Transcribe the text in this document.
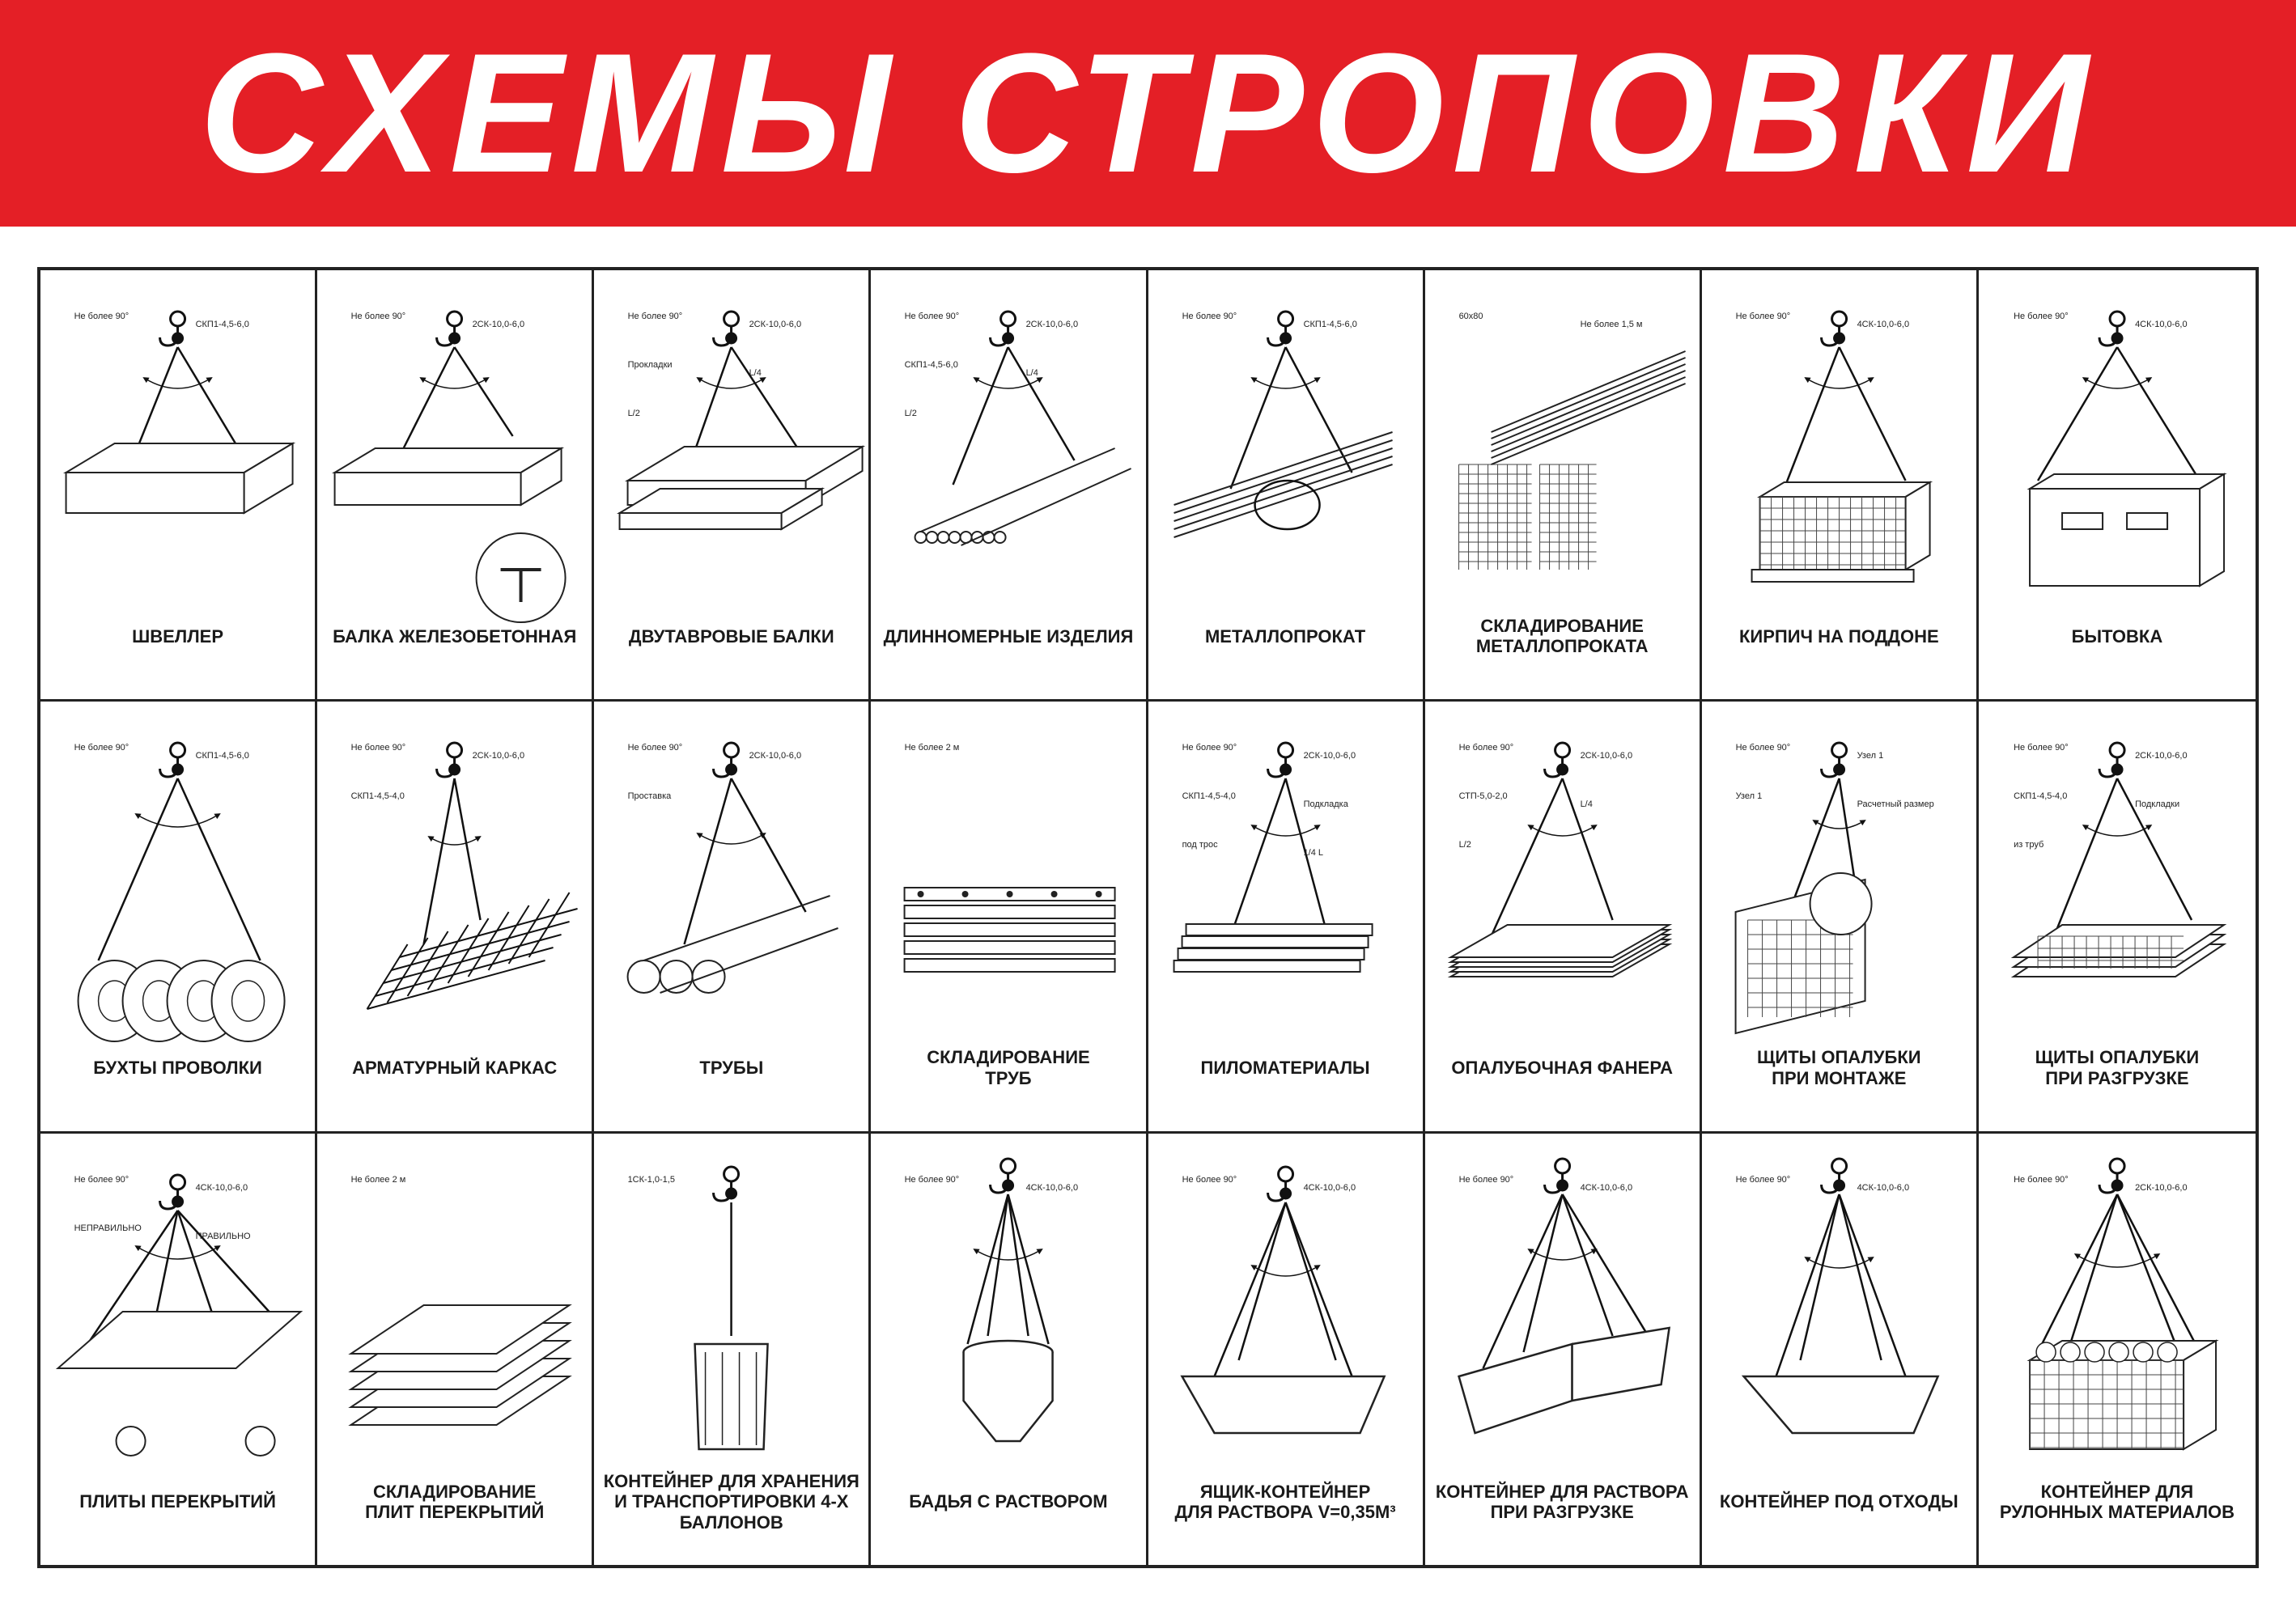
СХЕМЫ СТРОПОВКИ
Не более 90°
СКП1-4,5-6,0
ШВЕЛЛЕР
Не более 90°
2СК-10,0-6,0
БАЛКА ЖЕЛЕЗОБЕТОННАЯ
Не более 90°
2СК-10,0-6,0
Прокладки
L/4
L/2
ДВУТАВРОВЫЕ БАЛКИ
Не более 90°
2СК-10,0-6,0
СКП1-4,5-6,0
L/4
L/2
ДЛИННОМЕРНЫЕ ИЗДЕЛИЯ
Не более 90°
СКП1-4,5-6,0
МЕТАЛЛОПРОКАТ
60х80
Не более 1,5 м
СКЛАДИРОВАНИЕ
МЕТАЛЛОПРОКАТА
Не более 90°
4СК-10,0-6,0
КИРПИЧ НА ПОДДОНЕ
Не более 90°
4СК-10,0-6,0
БЫТОВКА
Не более 90°
СКП1-4,5-6,0
БУХТЫ ПРОВОЛКИ
Не более 90°
2СК-10,0-6,0
СКП1-4,5-4,0
АРМАТУРНЫЙ КАРКАС
Не более 90°
2СК-10,0-6,0
Проставка
ТРУБЫ
Не более 2 м
СКЛАДИРОВАНИЕ
ТРУБ
Не более 90°
2СК-10,0-6,0
СКП1-4,5-4,0
Подкладка
под трос
1/4 L
ПИЛОМАТЕРИАЛЫ
Не более 90°
2СК-10,0-6,0
СТП-5,0-2,0
L/4
L/2
ОПАЛУБОЧНАЯ ФАНЕРА
Не более 90°
Узел 1
Узел 1
Расчетный размер
ЩИТЫ ОПАЛУБКИ
ПРИ МОНТАЖЕ
Не более 90°
2СК-10,0-6,0
СКП1-4,5-4,0
Подкладки
из труб
ЩИТЫ ОПАЛУБКИ
ПРИ РАЗГРУЗКЕ
Не более 90°
4СК-10,0-6,0
НЕПРАВИЛЬНО
ПРАВИЛЬНО
ПЛИТЫ ПЕРЕКРЫТИЙ
Не более 2 м
СКЛАДИРОВАНИЕ
ПЛИТ ПЕРЕКРЫТИЙ
1СК-1,0-1,5
КОНТЕЙНЕР ДЛЯ ХРАНЕНИЯ
И ТРАНСПОРТИРОВКИ 4-Х
БАЛЛОНОВ
Не более 90°
4СК-10,0-6,0
БАДЬЯ С РАСТВОРОМ
Не более 90°
4СК-10,0-6,0
ЯЩИК-КОНТЕЙНЕР
ДЛЯ РАСТВОРА V=0,35М³
Не более 90°
4СК-10,0-6,0
КОНТЕЙНЕР ДЛЯ РАСТВОРА
ПРИ РАЗГРУЗКЕ
Не более 90°
4СК-10,0-6,0
КОНТЕЙНЕР ПОД ОТХОДЫ
Не более 90°
2СК-10,0-6,0
КОНТЕЙНЕР ДЛЯ
РУЛОННЫХ МАТЕРИАЛОВ
